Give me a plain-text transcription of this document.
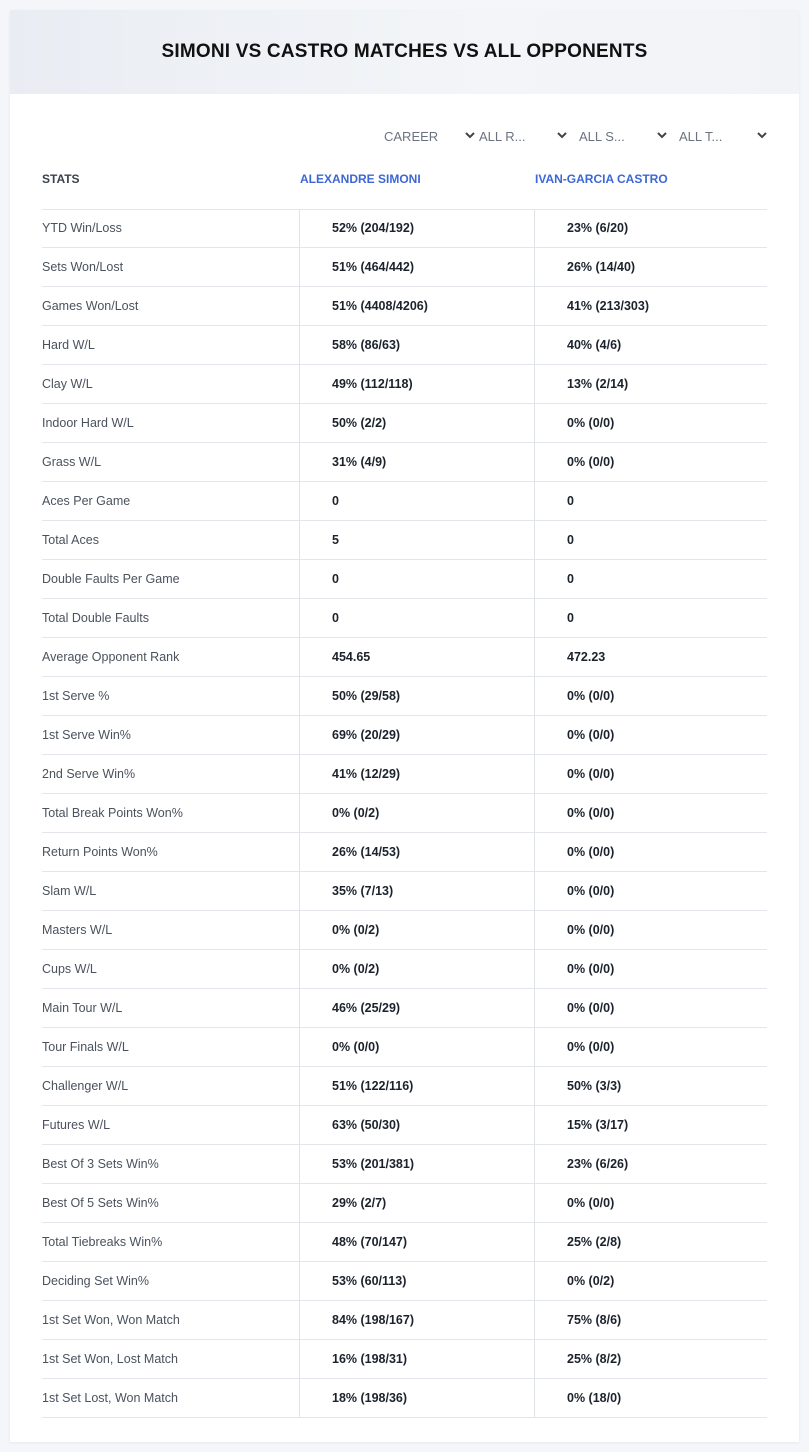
SIMONI VS CASTRO MATCHES VS ALL OPPONENTS
CAREER	ALL R...	ALL S...	ALL T...
STATS	ALEXANDRE SIMONI	IVAN-GARCIA CASTRO
YTD Win/Loss	52% (204/192)	23% (6/20)
Sets Won/Lost	51% (464/442)	26% (14/40)
Games Won/Lost	51% (4408/4206)	41% (213/303)
Hard W/L	58% (86/63)	40% (4/6)
Clay W/L	49% (112/118)	13% (2/14)
Indoor Hard W/L	50% (2/2)	0% (0/0)
Grass W/L	31% (4/9)	0% (0/0)
Aces Per Game	0	0
Total Aces	5	0
Double Faults Per Game	0	0
Total Double Faults	0	0
Average Opponent Rank	454.65	472.23
1st Serve %	50% (29/58)	0% (0/0)
1st Serve Win%	69% (20/29)	0% (0/0)
2nd Serve Win%	41% (12/29)	0% (0/0)
Total Break Points Won%	0% (0/2)	0% (0/0)
Return Points Won%	26% (14/53)	0% (0/0)
Slam W/L	35% (7/13)	0% (0/0)
Masters W/L	0% (0/2)	0% (0/0)
Cups W/L	0% (0/2)	0% (0/0)
Main Tour W/L	46% (25/29)	0% (0/0)
Tour Finals W/L	0% (0/0)	0% (0/0)
Challenger W/L	51% (122/116)	50% (3/3)
Futures W/L	63% (50/30)	15% (3/17)
Best Of 3 Sets Win%	53% (201/381)	23% (6/26)
Best Of 5 Sets Win%	29% (2/7)	0% (0/0)
Total Tiebreaks Win%	48% (70/147)	25% (2/8)
Deciding Set Win%	53% (60/113)	0% (0/2)
1st Set Won, Won Match	84% (198/167)	75% (8/6)
1st Set Won, Lost Match	16% (198/31)	25% (8/2)
1st Set Lost, Won Match	18% (198/36)	0% (18/0)
